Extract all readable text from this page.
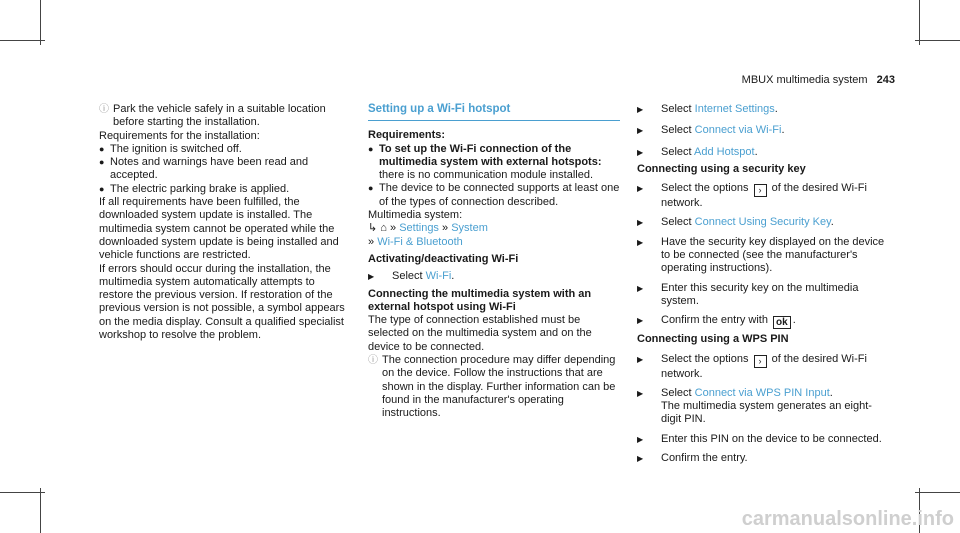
MBUX multimedia system 243
ⓘ Park the vehicle safely in a suitable location before starting the installation.

Requirements for the installation:

● The ignition is switched off.

● Notes and warnings have been read and accepted.

● The electric parking brake is applied.

If all requirements have been fulfilled, the downloaded system update is installed. The multimedia system cannot be operated while the downloaded system update is being installed and vehicle functions are restricted.

If errors should occur during the installation, the multimedia system automatically attempts to restore the previous version. If restoration of the previous version is not possible, a symbol appears on the media display. Consult a qualified specialist workshop to resolve the problem.

Setting up a Wi-Fi hotspot

Requirements:

● To set up the Wi-Fi connection of the multimedia system with external hotspots:

there is no communication module installed.

● The device to be connected supports at least one of the types of connection described.

Multimedia system:

↳ ⌂ » Settings » System

» Wi-Fi & Bluetooth

Activating/deactivating Wi-Fi

▶	Select Wi-Fi.

Connecting the multimedia system with an external hotspot using Wi-Fi

The type of connection established must be selected on the multimedia system and on the device to be connected.

ⓘ The connection procedure may differ depending on the device. Follow the instructions that are shown in the display. Further information can be found in the manufacturer's operating instructions.

▶	Select Internet Settings.

▶	Select Connect via Wi-Fi.

▶	Select Add Hotspot.

Connecting using a security key

▶	Select the options › of the desired Wi-Fi network.

▶	Select Connect Using Security Key.

▶	Have the security key displayed on the device to be connected (see the manufacturer's operating instructions).

▶	Enter this security key on the multimedia system.

▶	Confirm the entry with ok .

Connecting using a WPS PIN

▶	Select the options › of the desired Wi-Fi network.

▶	Select Connect via WPS PIN Input.

The multimedia system generates an eight-digit PIN.

▶	Enter this PIN on the device to be connected.

▶	Confirm the entry.

carmanualsonline.info
